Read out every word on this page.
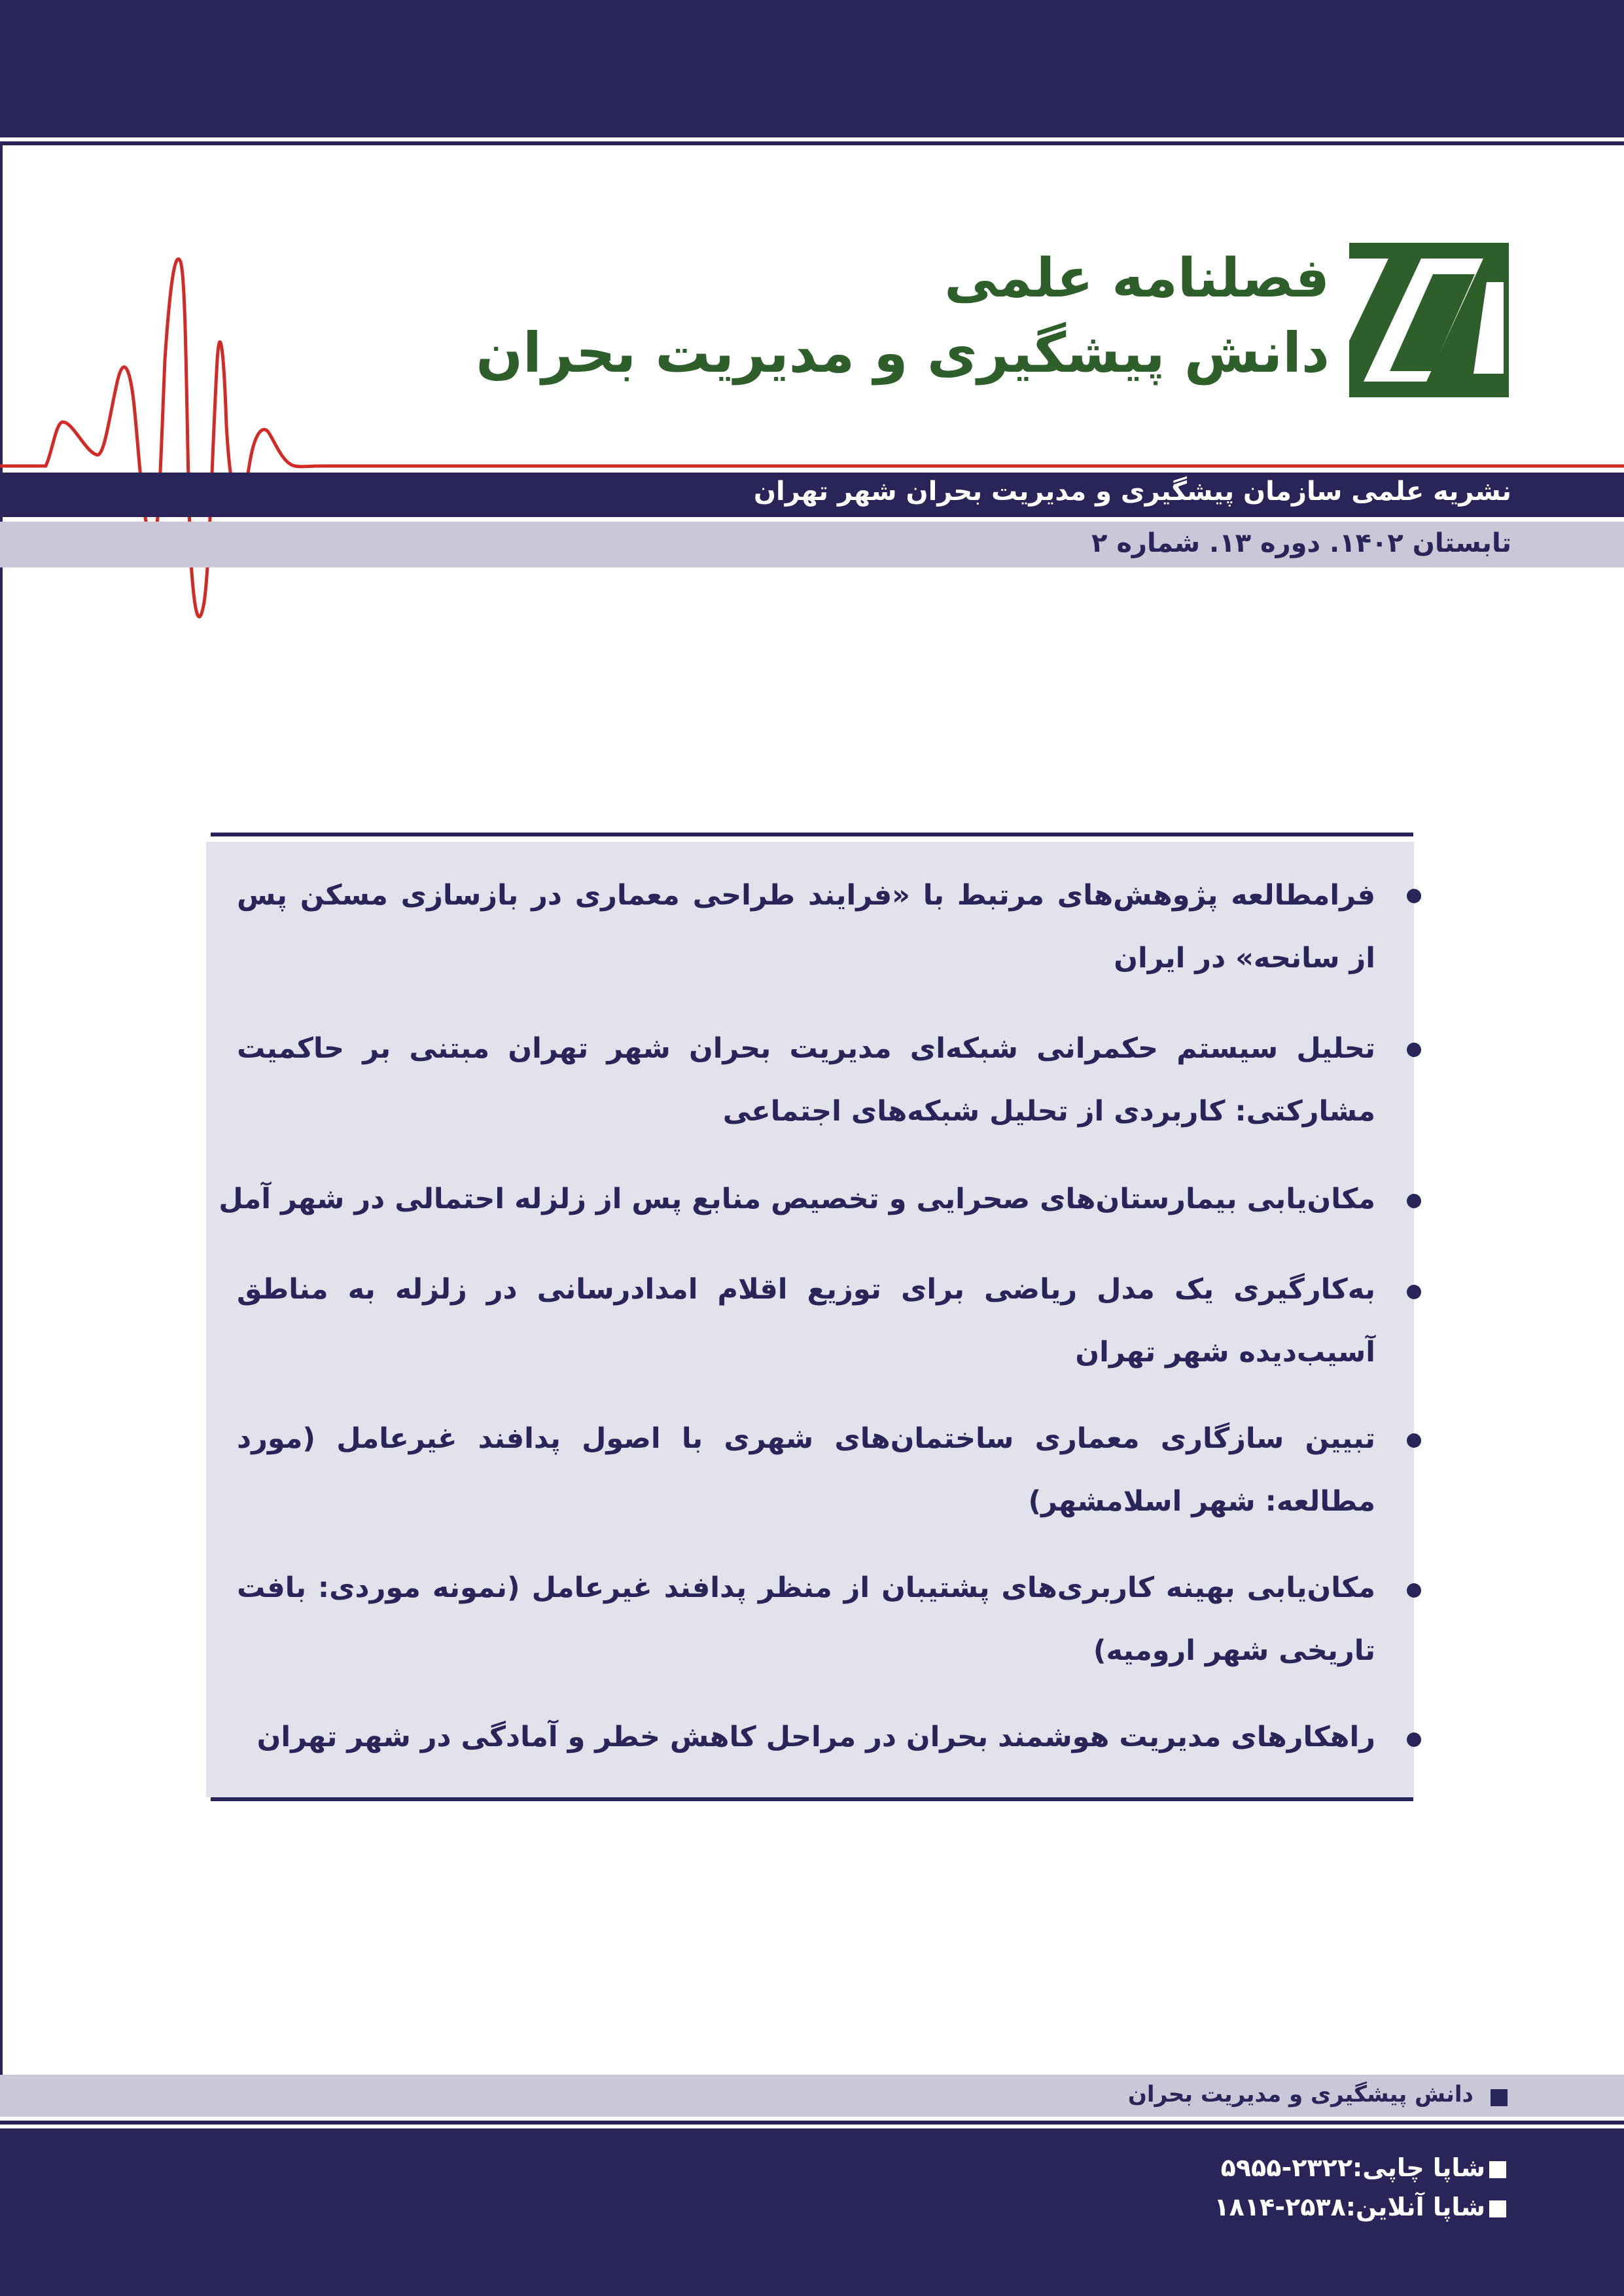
فصلنامه علمی
دانش پیشگیری و مدیریت بحران
نشریه علمی سازمان پیشگیری و مدیریت بحران شهر تهران
تابستان ۱۴۰۲. دوره ۱۳. شماره ۲
فرامطالعه پژوهش‌های مرتبط با «فرایند طراحی معماری در بازسازی مسکن پس از سانحه» در ایران
تحلیل سیستم حکمرانی شبکه‌ای مدیریت بحران شهر تهران مبتنی بر حاکمیت مشارکتی: کاربردی از تحلیل شبکه‌های اجتماعی
مکان‌یابی بیمارستان‌های صحرایی و تخصیص منابع پس از زلزله احتمالی در شهر آمل
به‌کارگیری یک مدل ریاضی برای توزیع اقلام امدادرسانی در زلزله به مناطق آسیب‌دیده شهر تهران
تبیین سازگاری معماری ساختمان‌های شهری با اصول پدافند غیرعامل (مورد مطالعه: شهر اسلامشهر)
مکان‌یابی بهینه کاربری‌های پشتیبان از منظر پدافند غیرعامل (نمونه موردی: بافت تاریخی شهر ارومیه)
راهکارهای مدیریت هوشمند بحران در مراحل کاهش خطر و آمادگی در شهر تهران
دانش پیشگیری و مدیریت بحران
شاپا چاپی:۲۳۲۲-۵۹۵۵
شاپا آنلاین:۲۵۳۸-۱۸۱۴
